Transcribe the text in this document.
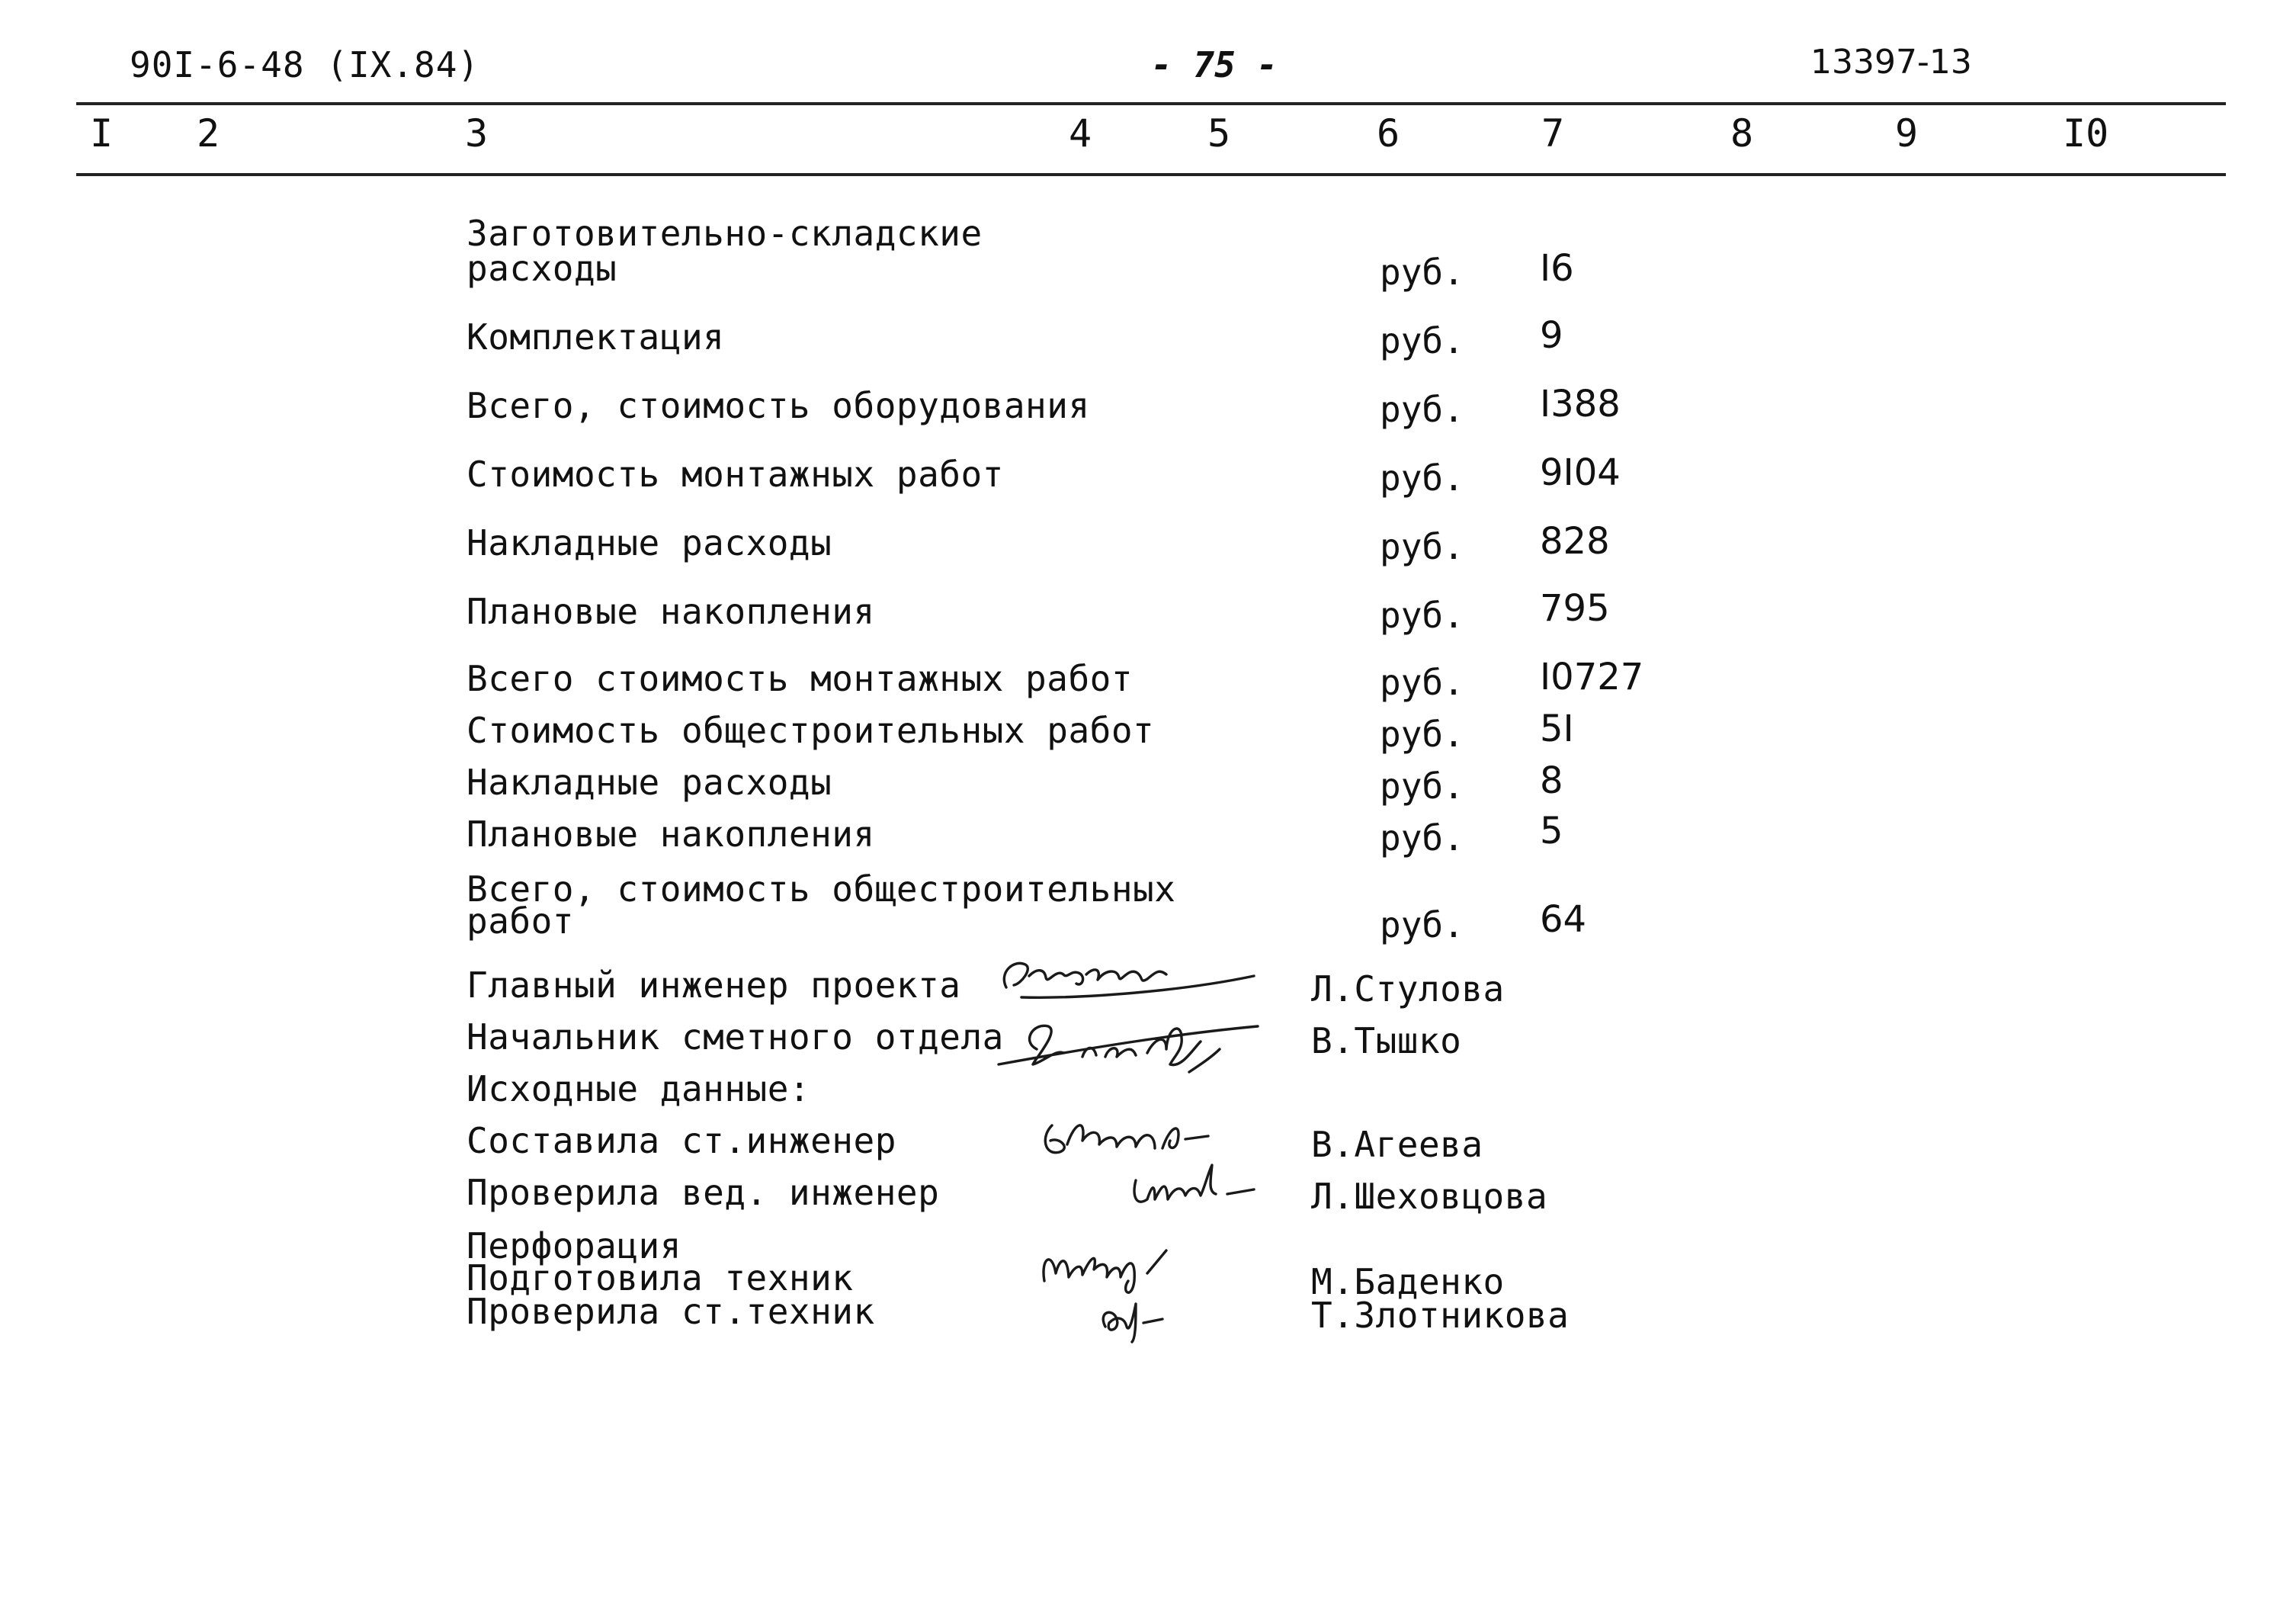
90I-6-48 (IX.84)	- 75 -	13397-13
I 2	3	4	5	6	7	8	9	I0
Заготовительно-складские
расходы	руб. I6
Комплектация	руб. 9
Всего, стоимость оборудования	руб. I388
Стоимость монтажных работ	руб. 9I04
Накладные расходы	руб. 828
Плановые накопления	руб. 795
Всего стоимость монтажных работ	руб. I0727
Стоимость общестроительных работ	руб. 5I
Накладные расходы	руб. 8
Плановые накопления	руб. 5
Всего, стоимость общестроительных
работ	руб. 64
Главный инженер проекта	Л.Стулова
Начальник сметного отдела	В.Тышко
Исходные данные:
Составила ст.инженер	В.Агеева
Проверила вед. инженер	Л.Шеховцова
Перфорация
Подготовила техник	М.Баденко
Проверила ст.техник	Т.Злотникова
